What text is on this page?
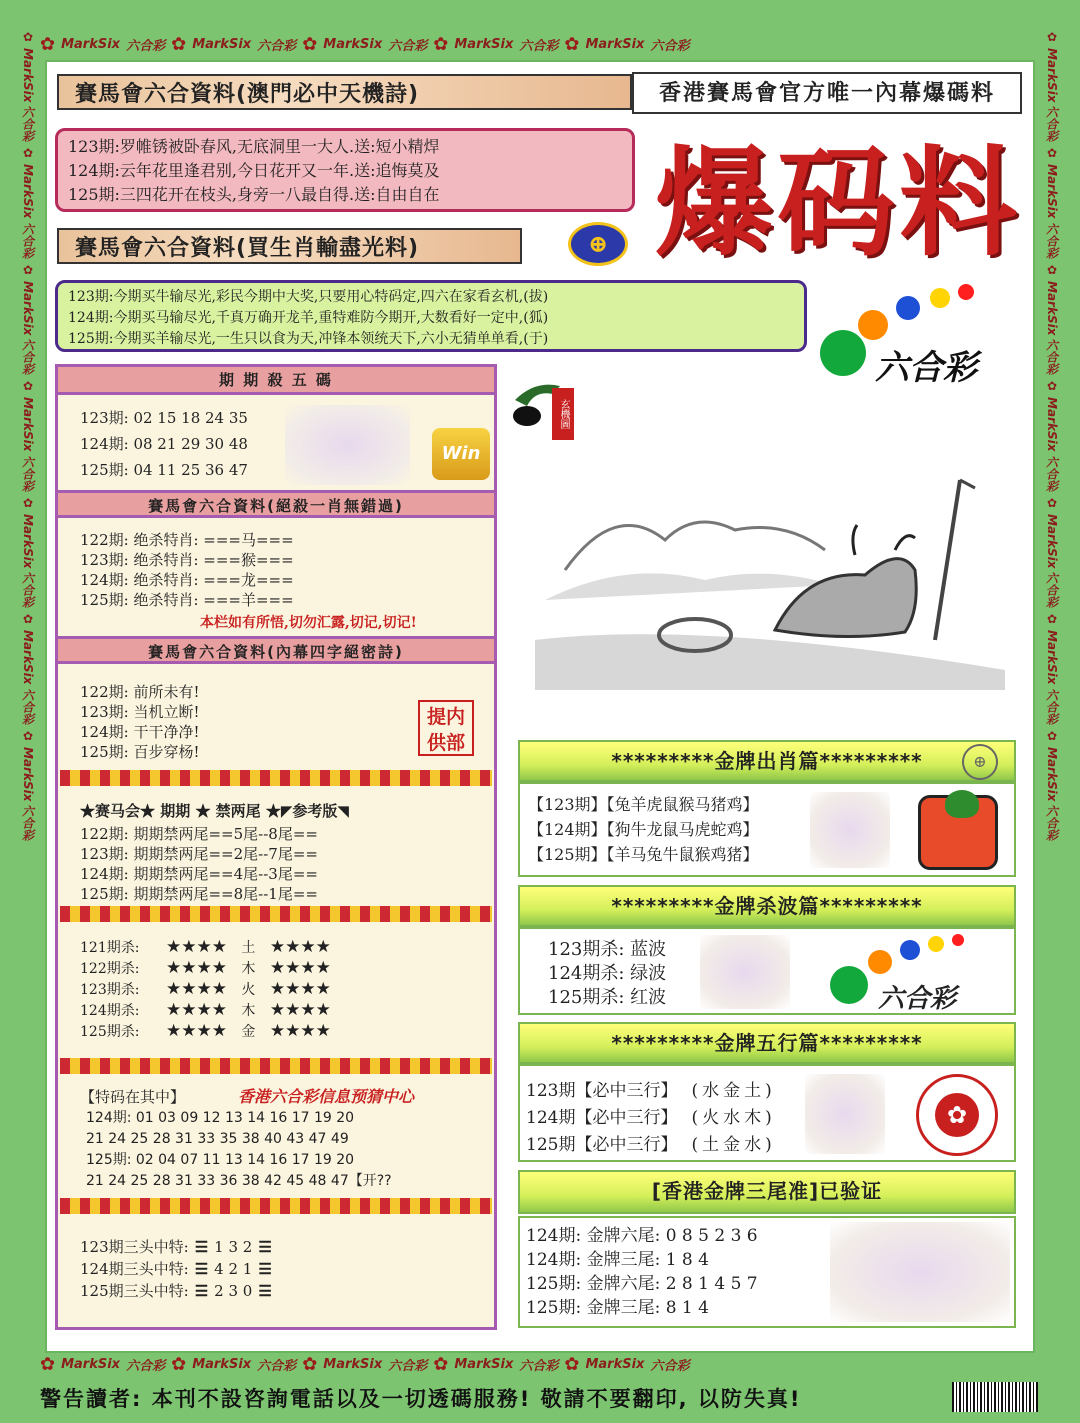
✿ MarkSix 六合彩 ✿ MarkSix 六合彩 ✿ MarkSix 六合彩 ✿ MarkSix 六合彩 ✿ MarkSix 六合彩
✿ MarkSix 六合彩 ✿ MarkSix 六合彩 ✿ MarkSix 六合彩 ✿ MarkSix 六合彩 ✿ MarkSix 六合彩
✿
MarkSix
六合彩
✿
MarkSix
六合彩
✿
MarkSix
六合彩
✿
MarkSix
六合彩
✿
MarkSix
六合彩
✿
MarkSix
六合彩
✿
MarkSix
六合彩
✿
MarkSix
六合彩
✿
MarkSix
六合彩
✿
MarkSix
六合彩
✿
MarkSix
六合彩
✿
MarkSix
六合彩
✿
MarkSix
六合彩
✿
MarkSix
六合彩
賽馬會六合資料(澳門必中天機詩)	香港賽馬會官方唯一內幕爆碼料
123期:罗帷锈被卧春风,无底洞里一大人.送:短小精焊
124期:云年花里逢君别,今日花开又一年.送:追悔莫及
125期:三四花开在枝头,身旁一八最自得.送:自由自在	爆码料
賽馬會六合資料(買生肖輸盡光料)	⊕
123期:今期买牛输尽光,彩民今期中大奖,只要用心特码定,四六在家看玄机,(拔)
124期:今期买马输尽光,千真万确开龙羊,重特难防今期开,大数看好一定中,(狐)
125期:今期买羊输尽光,一生只以食为天,冲锋本领统天下,六小无猜单单看,(于)
六合彩
期 期 殺 五 碼
123期: 02 15 18 24 35
124期: 08 21 29 30 48
125期: 04 11 25 36 47
Win
賽馬會六合資料(絕殺一肖無錯過)
122期: 绝杀特肖: ===马===
123期: 绝杀特肖: ===猴===
124期: 绝杀特肖: ===龙===
125期: 绝杀特肖: ===羊===
本栏如有所悟,切勿汇露,切记,切记!
賽馬會六合資料(內幕四字絕密詩)
122期: 前所未有!
123期: 当机立断!
124期: 干干净净!
125期: 百步穿杨!
提内供部
★赛马会★ 期期 ★ 禁两尾 ★◤参考版◥
122期: 期期禁两尾==5尾--8尾==
123期: 期期禁两尾==2尾--7尾==
124期: 期期禁两尾==4尾--3尾==
125期: 期期禁两尾==8尾--1尾==
121期杀: ★★★★ 土 ★★★★
122期杀: ★★★★ 木 ★★★★
123期杀: ★★★★ 火 ★★★★
124期杀: ★★★★ 木 ★★★★
125期杀: ★★★★ 金 ★★★★
【特码在其中】	香港六合彩信息预猜中心
124期: 01 03 09 12 13 14 16 17 19 20
21 24 25 28 31 33 35 38 40 43 47 49
125期: 02 04 07 11 13 14 16 17 19 20
21 24 25 28 31 33 36 38 42 45 48 47【开??
123期三头中特: ☰ 1 3 2 ☰
124期三头中特: ☰ 4 2 1 ☰
125期三头中特: ☰ 2 3 0 ☰
玄機圖
*********金牌出肖篇*********	⊕
【123期】【兔羊虎鼠猴马猪鸡】
【124期】【狗牛龙鼠马虎蛇鸡】
【125期】【羊马兔牛鼠猴鸡猪】
*********金牌杀波篇*********
123期杀: 蓝波
124期杀: 绿波
125期杀: 红波	六合彩
*********金牌五行篇*********
123期【必中三行】 (水金土)
124期【必中三行】 (火水木)
125期【必中三行】 (土金水)
✿
[香港金牌三尾准]已验证
124期: 金牌六尾: 0 8 5 2 3 6
124期: 金牌三尾: 1 8 4
125期: 金牌六尾: 2 8 1 4 5 7
125期: 金牌三尾: 8 1 4
警告讀者: 本刊不設咨詢電話以及一切透碼服務! 敬請不要翻印, 以防失真!
